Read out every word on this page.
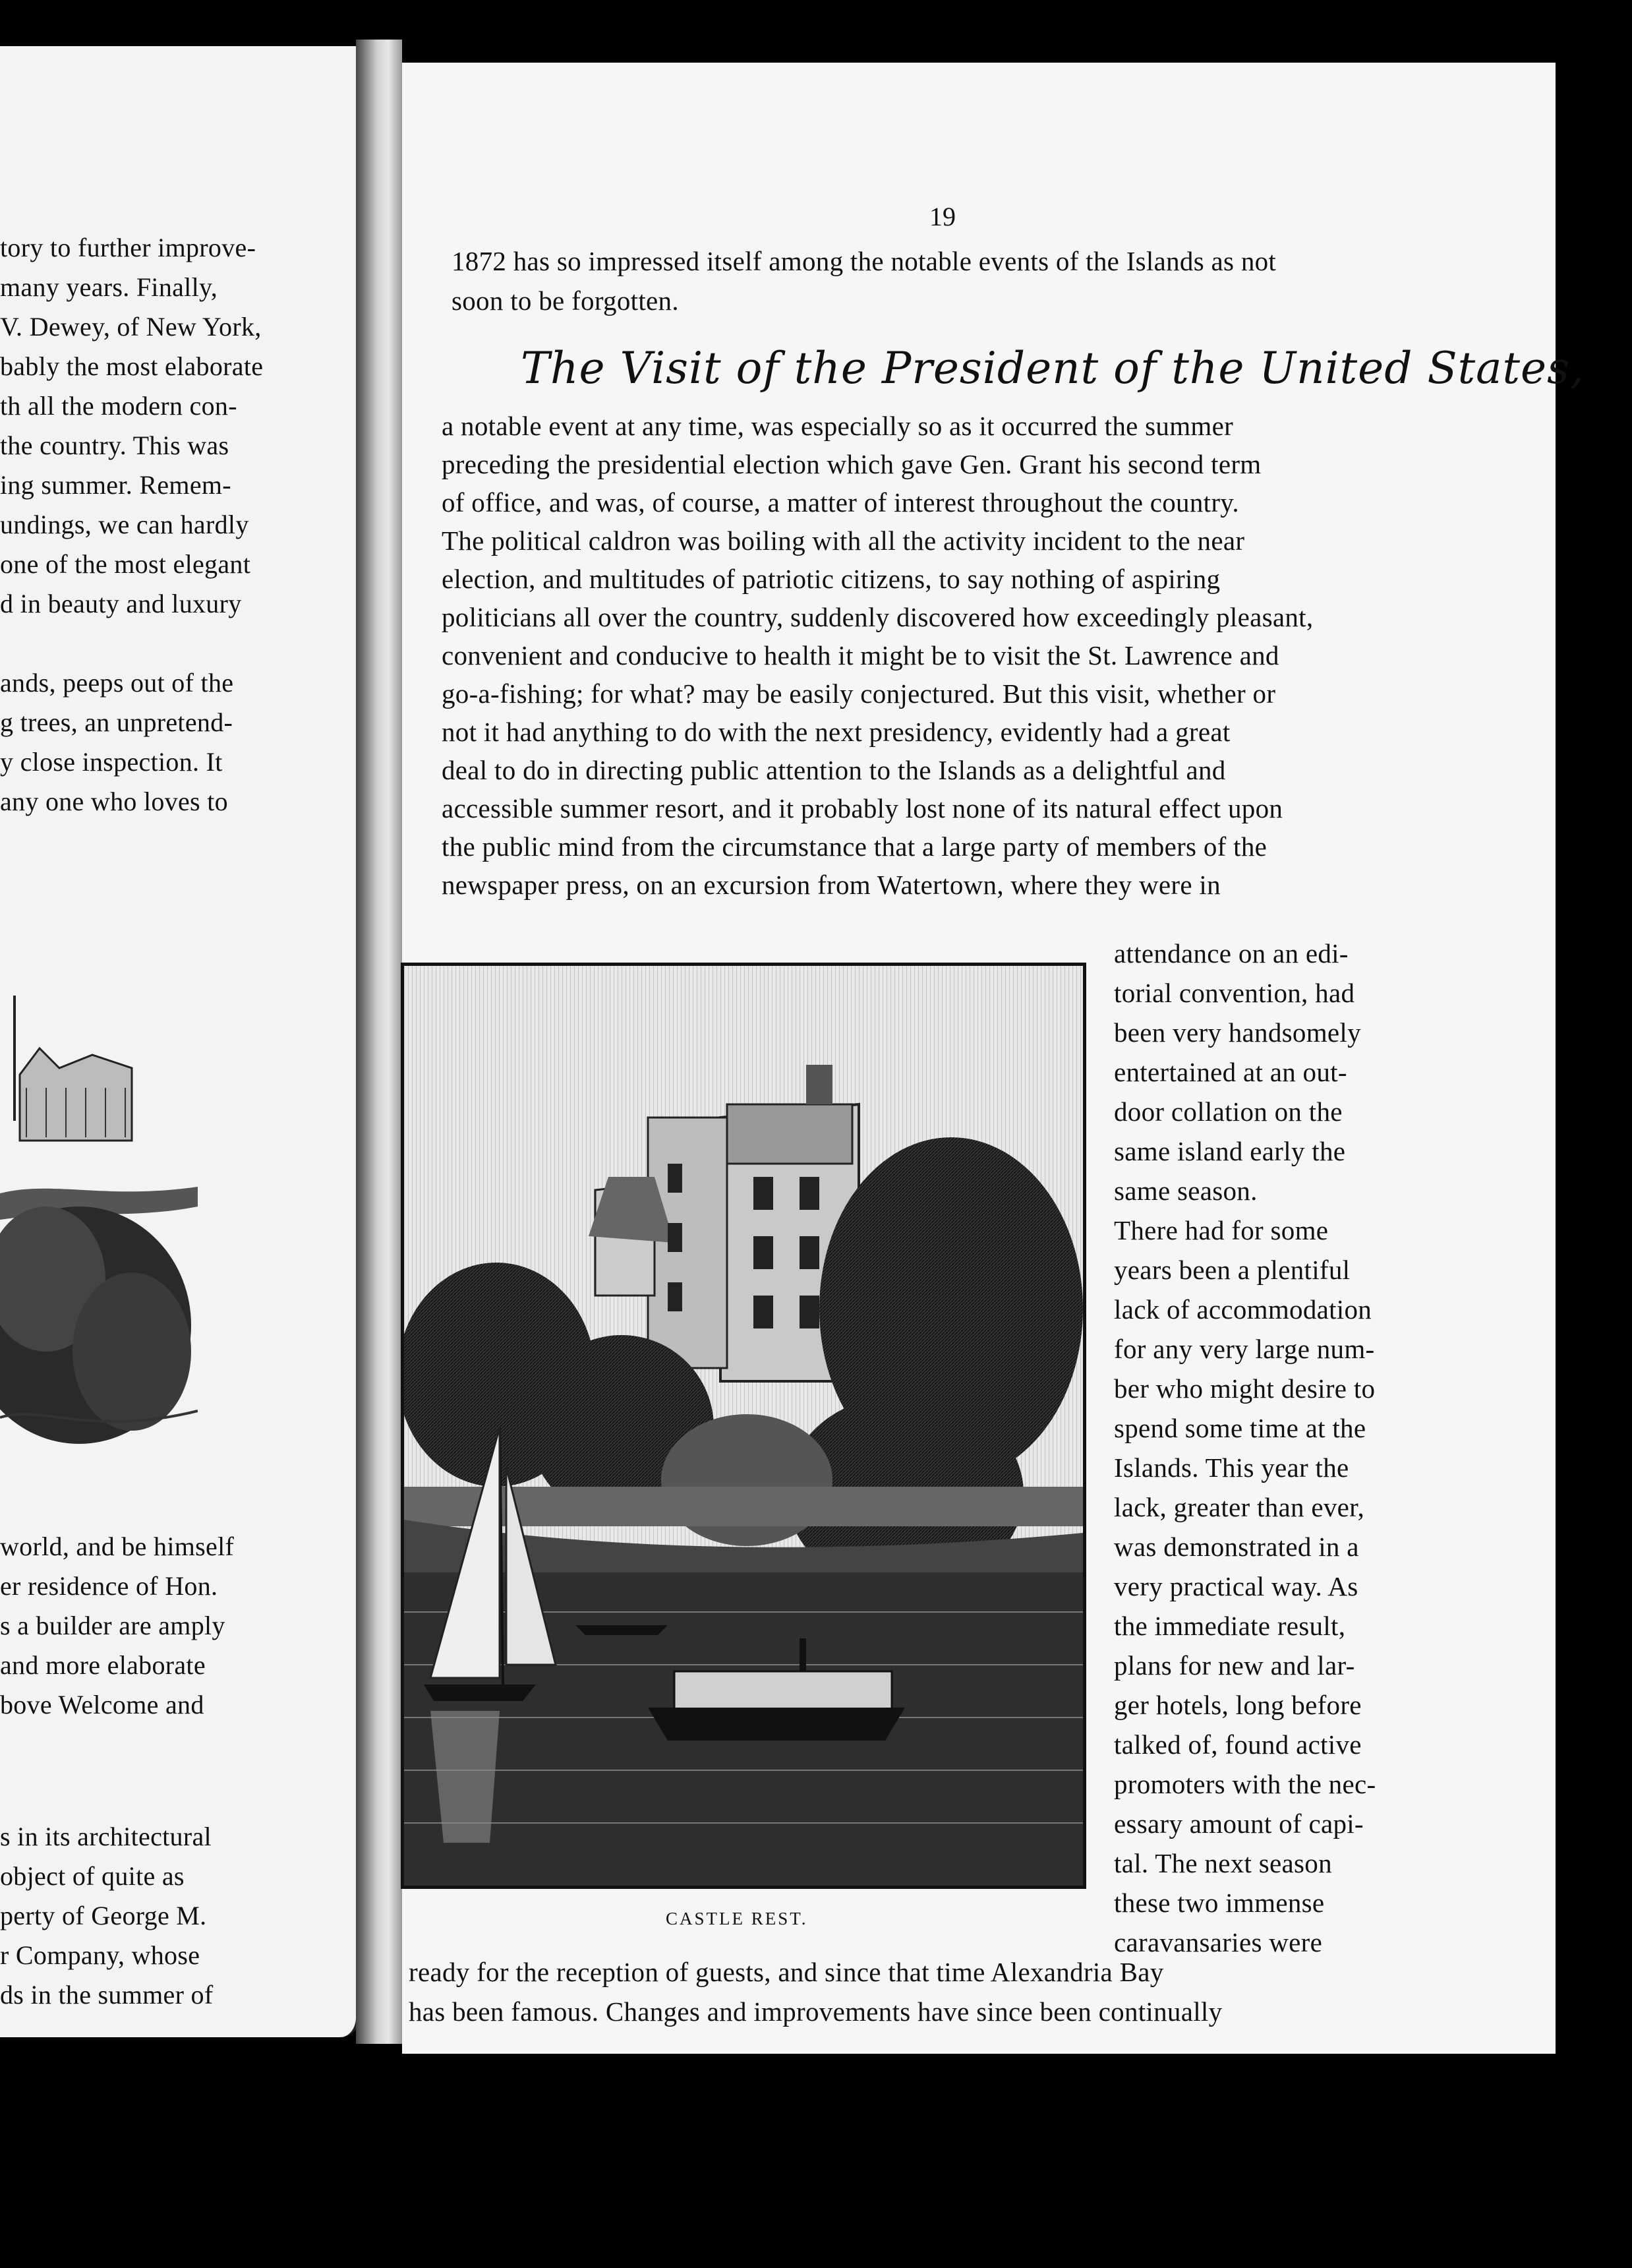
tory to further improve-
many years. Finally,
V. Dewey, of New York,
bably the most elaborate
th all the modern con-
the country. This was
ing summer. Remem-
undings, we can hardly
one of the most elegant
d in beauty and luxury
ands, peeps out of the
g trees, an unpretend-
y close inspection. It
any one who loves to
world, and be himself
er residence of Hon.
s a builder are amply
and more elaborate
bove Welcome and
s in its architectural
object of quite as
perty of George M.
r Company, whose
ds in the summer of
19
1872 has so impressed itself among the notable events of the Islands as not
soon to be forgotten.
The Visit of the President of the United States,
a notable event at any time, was especially so as it occurred the summer
preceding the presidential election which gave Gen. Grant his second term
of office, and was, of course, a matter of interest throughout the country.
The political caldron was boiling with all the activity incident to the near
election, and multitudes of patriotic citizens, to say nothing of aspiring
politicians all over the country, suddenly discovered how exceedingly pleasant,
convenient and conducive to health it might be to visit the St. Lawrence and
go-a-fishing; for what? may be easily conjectured. But this visit, whether or
not it had anything to do with the next presidency, evidently had a great
deal to do in directing public attention to the Islands as a delightful and
accessible summer resort, and it probably lost none of its natural effect upon
the public mind from the circumstance that a large party of members of the
newspaper press, on an excursion from Watertown, where they were in
attendance on an edi-
torial convention, had
been very handsomely
entertained at an out-
door collation on the
same island early the
same season.
There had for some
years been a plentiful
lack of accommodation
for any very large num-
ber who might desire to
spend some time at the
Islands. This year the
lack, greater than ever,
was demonstrated in a
very practical way. As
the immediate result,
plans for new and lar-
ger hotels, long before
talked of, found active
promoters with the nec-
essary amount of capi-
tal. The next season
these two immense
caravansaries were
CASTLE REST.
ready for the reception of guests, and since that time Alexandria Bay
has been famous. Changes and improvements have since been continually
